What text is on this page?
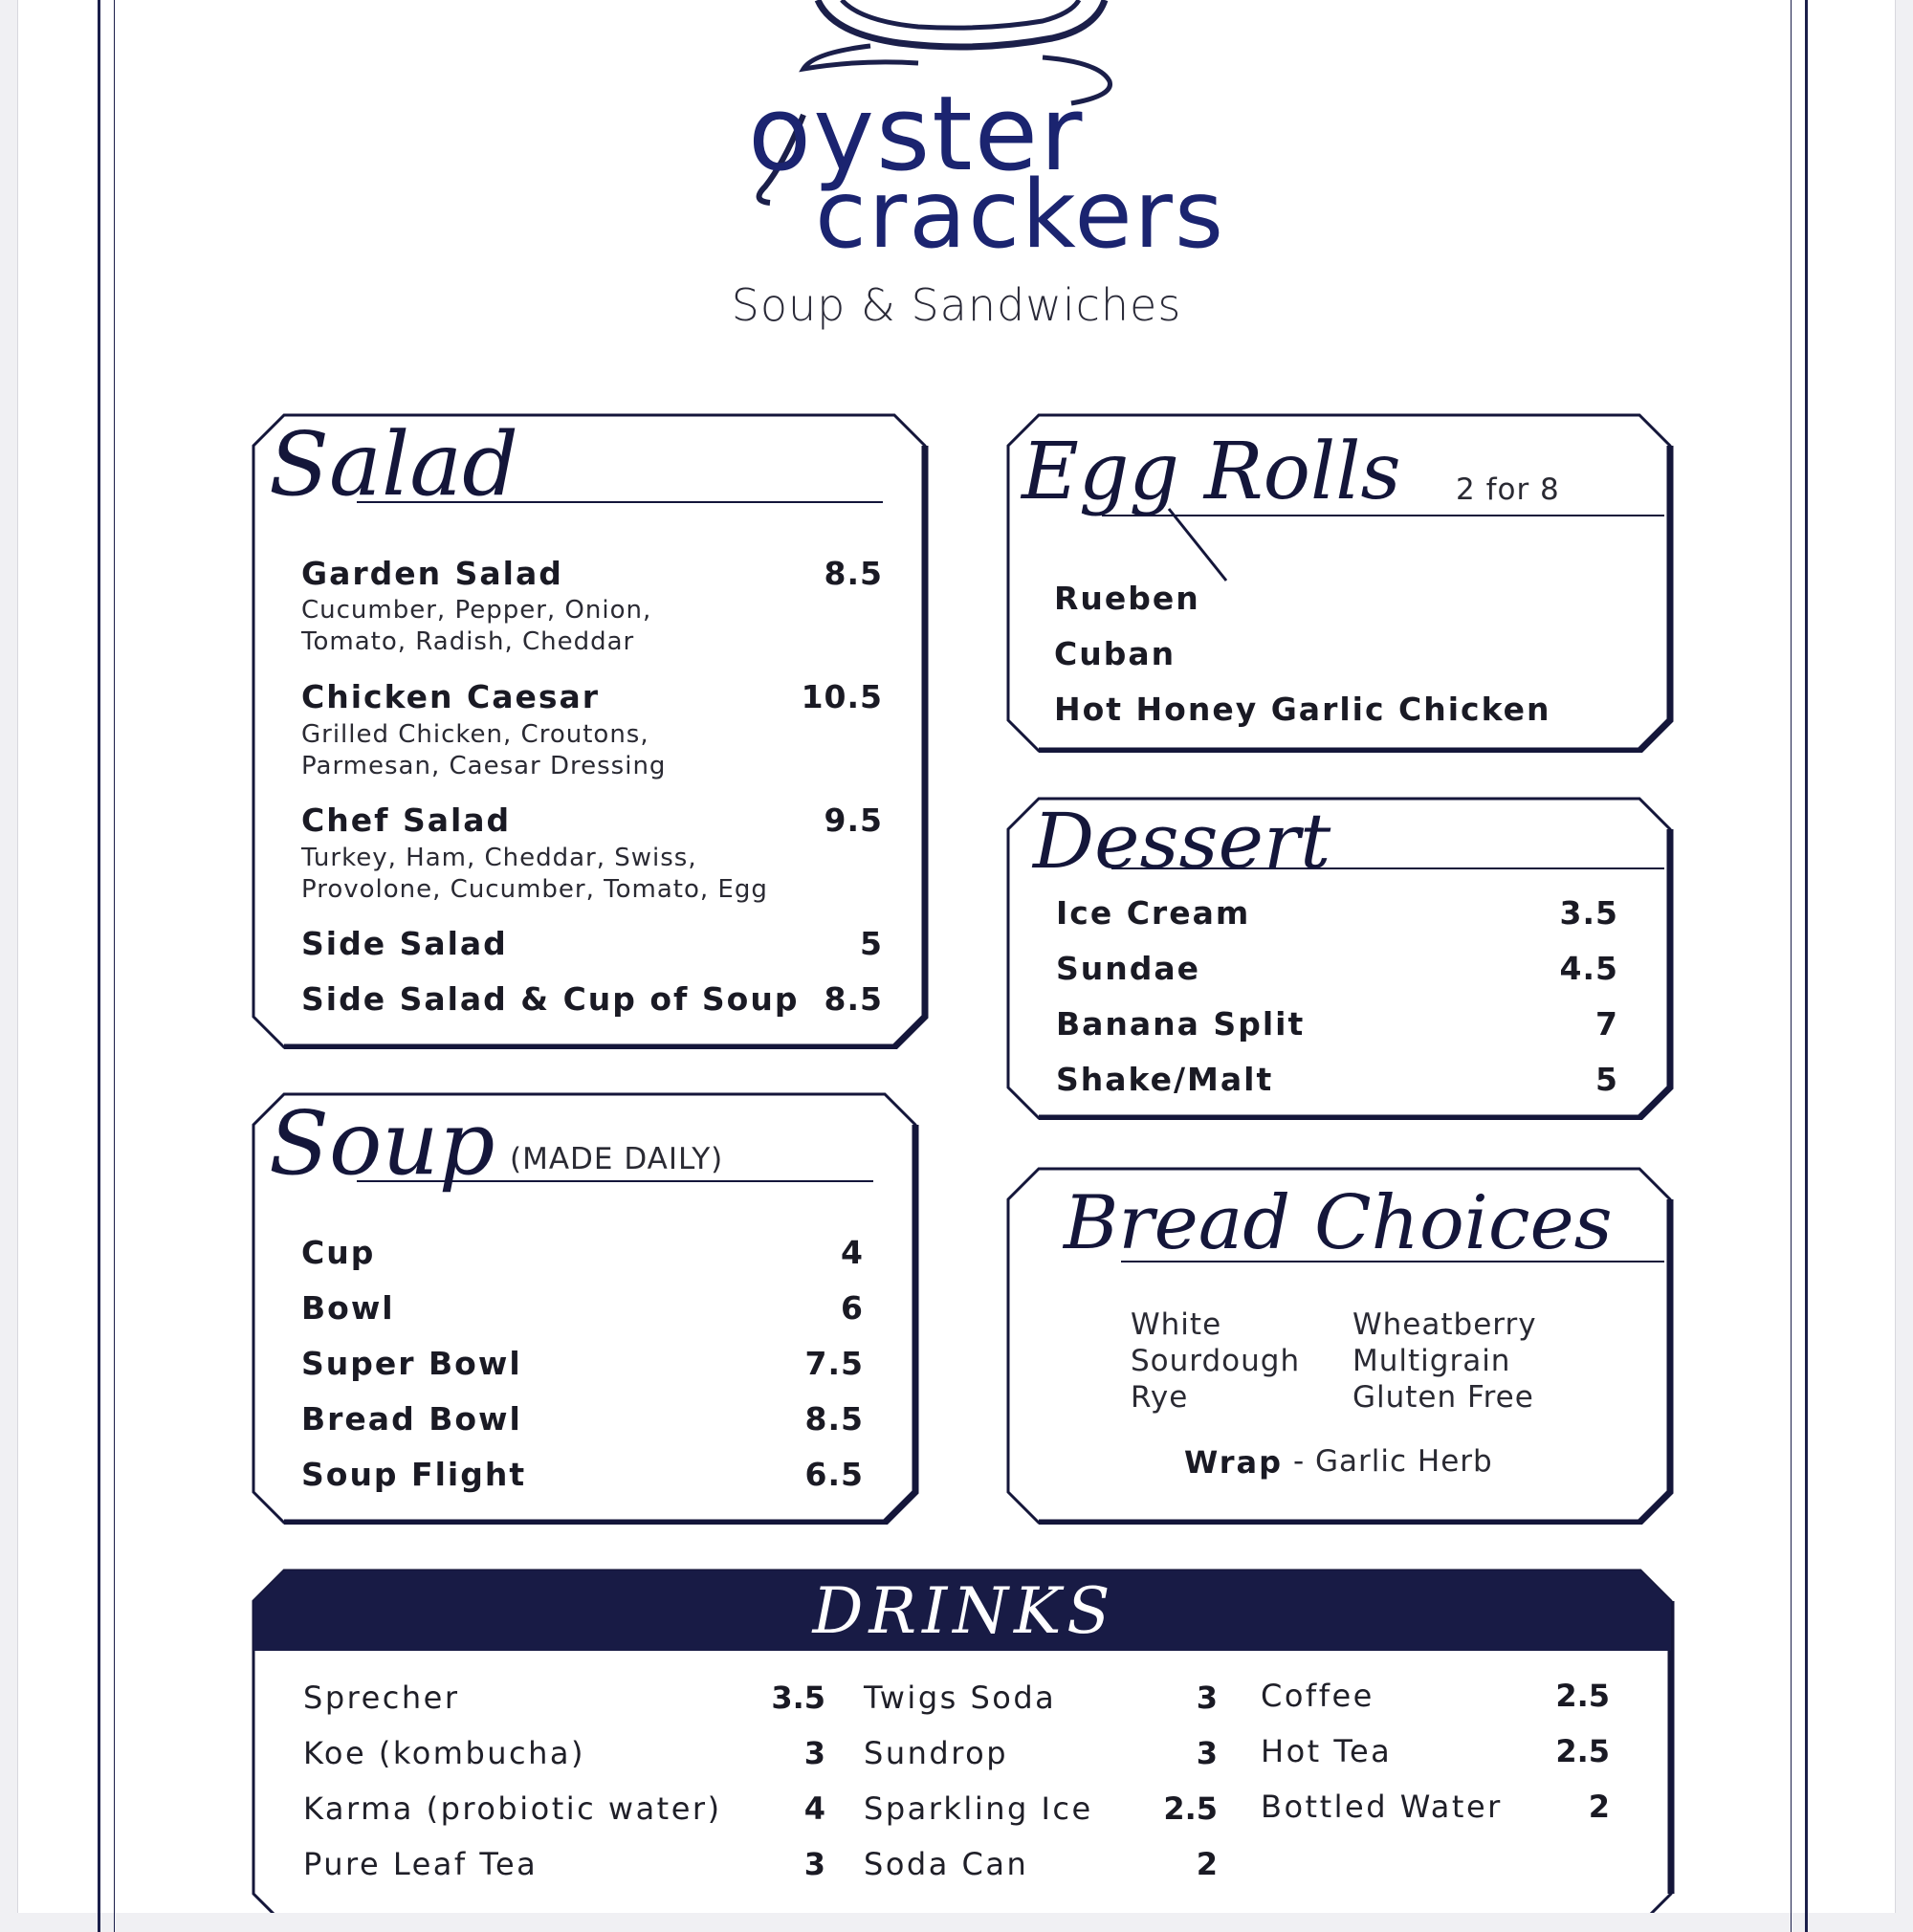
oyster
crackers
Soup & Sandwiches
Salad
Garden Salad	8.5
Cucumber, Pepper, Onion,
Tomato, Radish, Cheddar
Chicken Caesar	10.5
Grilled Chicken, Croutons,
Parmesan, Caesar Dressing
Chef Salad	9.5
Turkey, Ham, Cheddar, Swiss,
Provolone, Cucumber, Tomato, Egg
Side Salad	5
Side Salad & Cup of Soup 8.5
Soup (MADE DAILY)
Cup	4
Bowl	6
Super Bowl	7.5
Bread Bowl	8.5
Soup Flight	6.5
Egg Rolls 2 for 8
Rueben
Cuban
Hot Honey Garlic Chicken
Dessert
Ice Cream	3.5
Sundae	4.5
Banana Split	7
Shake/Malt	5
Bread Choices
White
Sourdough
Rye
Wheatberry
Multigrain
Gluten Free
Wrap - Garlic Herb
DRINKS
Sprecher	3.5
Koe (kombucha)	3
Karma (probiotic water)	4
Pure Leaf Tea	3
Twigs Soda	3
Sundrop	3
Sparkling Ice	2.5
Soda Can	2
Coffee	2.5
Hot Tea	2.5
Bottled Water	2
